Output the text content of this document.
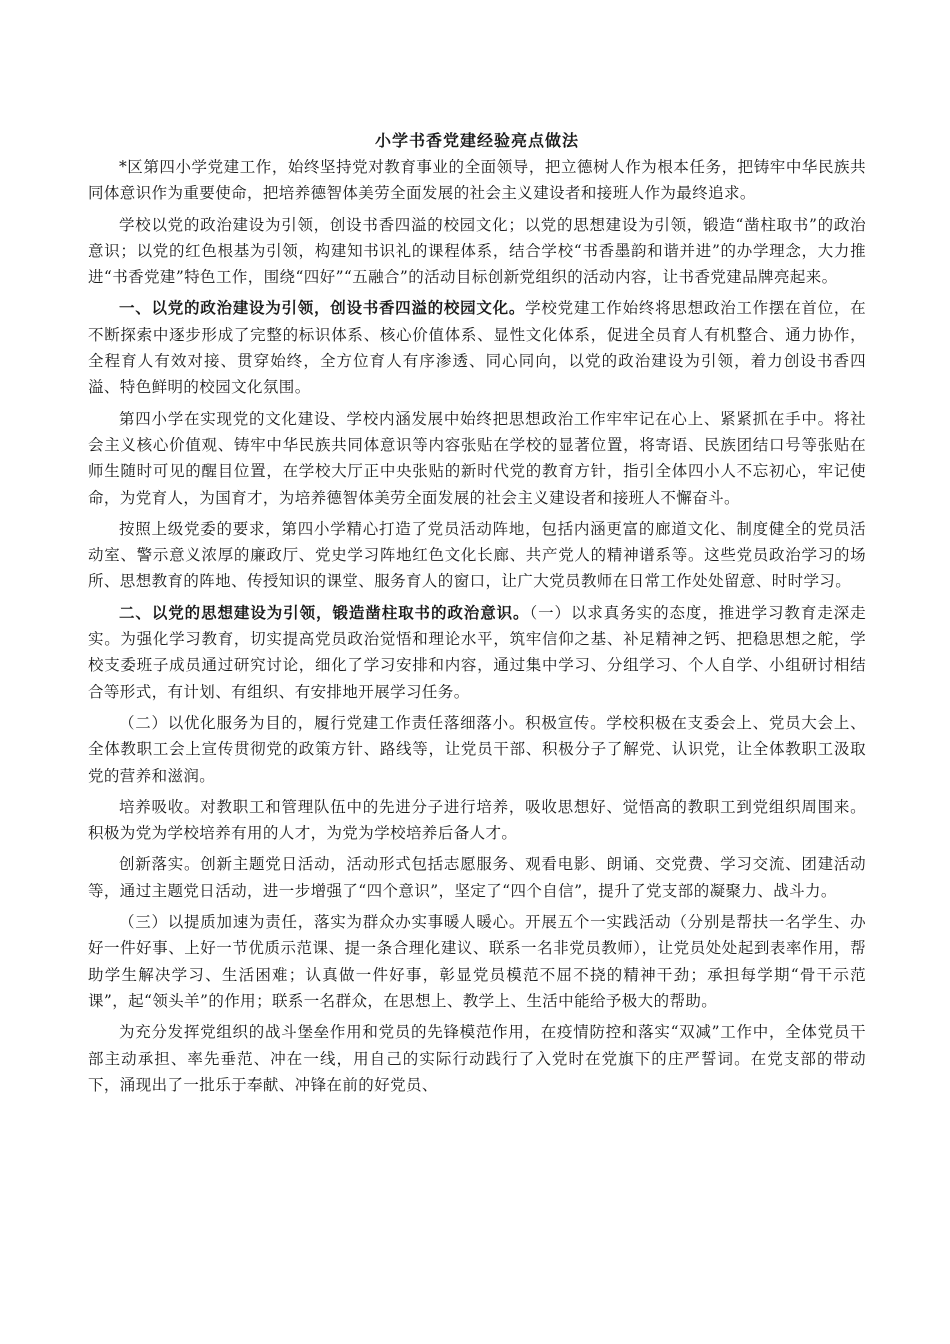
小学书香党建经验亮点做法

*区第四小学党建工作，始终坚持党对教育事业的全面领导，把立德树人作为根本任务，把铸牢中华民族共同体意识作为重要使命，把培养德智体美劳全面发展的社会主义建设者和接班人作为最终追求。

学校以党的政治建设为引领，创设书香四溢的校园文化；以党的思想建设为引领，锻造“凿柱取书”的政治意识；以党的红色根基为引领，构建知书识礼的课程体系，结合学校“书香墨韵和谐并进”的办学理念，大力推进“书香党建”特色工作，围绕“四好”“五融合”的活动目标创新党组织的活动内容，让书香党建品牌亮起来。

一、以党的政治建设为引领，创设书香四溢的校园文化。学校党建工作始终将思想政治工作摆在首位，在不断探索中逐步形成了完整的标识体系、核心价值体系、显性文化体系，促进全员育人有机整合、通力协作，全程育人有效对接、贯穿始终，全方位育人有序渗透、同心同向，以党的政治建设为引领，着力创设书香四溢、特色鲜明的校园文化氛围。

第四小学在实现党的文化建设、学校内涵发展中始终把思想政治工作牢牢记在心上、紧紧抓在手中。将社会主义核心价值观、铸牢中华民族共同体意识等内容张贴在学校的显著位置，将寄语、民族团结口号等张贴在师生随时可见的醒目位置，在学校大厅正中央张贴的新时代党的教育方针，指引全体四小人不忘初心，牢记使命，为党育人，为国育才，为培养德智体美劳全面发展的社会主义建设者和接班人不懈奋斗。

按照上级党委的要求，第四小学精心打造了党员活动阵地，包括内涵更富的廊道文化、制度健全的党员活动室、警示意义浓厚的廉政厅、党史学习阵地红色文化长廊、共产党人的精神谱系等。这些党员政治学习的场所、思想教育的阵地、传授知识的课堂、服务育人的窗口，让广大党员教师在日常工作处处留意、时时学习。

二、以党的思想建设为引领，锻造凿柱取书的政治意识。（一）以求真务实的态度，推进学习教育走深走实。为强化学习教育，切实提高党员政治觉悟和理论水平，筑牢信仰之基、补足精神之钙、把稳思想之舵，学校支委班子成员通过研究讨论，细化了学习安排和内容，通过集中学习、分组学习、个人自学、小组研讨相结合等形式，有计划、有组织、有安排地开展学习任务。

（二）以优化服务为目的，履行党建工作责任落细落小。积极宣传。学校积极在支委会上、党员大会上、全体教职工会上宣传贯彻党的政策方针、路线等，让党员干部、积极分子了解党、认识党，让全体教职工汲取党的营养和滋润。

培养吸收。对教职工和管理队伍中的先进分子进行培养，吸收思想好、觉悟高的教职工到党组织周围来。积极为党为学校培养有用的人才，为党为学校培养后备人才。

创新落实。创新主题党日活动，活动形式包括志愿服务、观看电影、朗诵、交党费、学习交流、团建活动等，通过主题党日活动，进一步增强了“四个意识”，坚定了“四个自信”，提升了党支部的凝聚力、战斗力。

（三）以提质加速为责任，落实为群众办实事暖人暖心。开展五个一实践活动（分别是帮扶一名学生、办好一件好事、上好一节优质示范课、提一条合理化建议、联系一名非党员教师），让党员处处起到表率作用，帮助学生解决学习、生活困难；认真做一件好事，彰显党员模范不屈不挠的精神干劲；承担每学期“骨干示范课”，起“领头羊”的作用；联系一名群众，在思想上、教学上、生活中能给予极大的帮助。

为充分发挥党组织的战斗堡垒作用和党员的先锋模范作用，在疫情防控和落实“双减”工作中，全体党员干部主动承担、率先垂范、冲在一线，用自己的实际行动践行了入党时在党旗下的庄严誓词。在党支部的带动下，涌现出了一批乐于奉献、冲锋在前的好党员、
